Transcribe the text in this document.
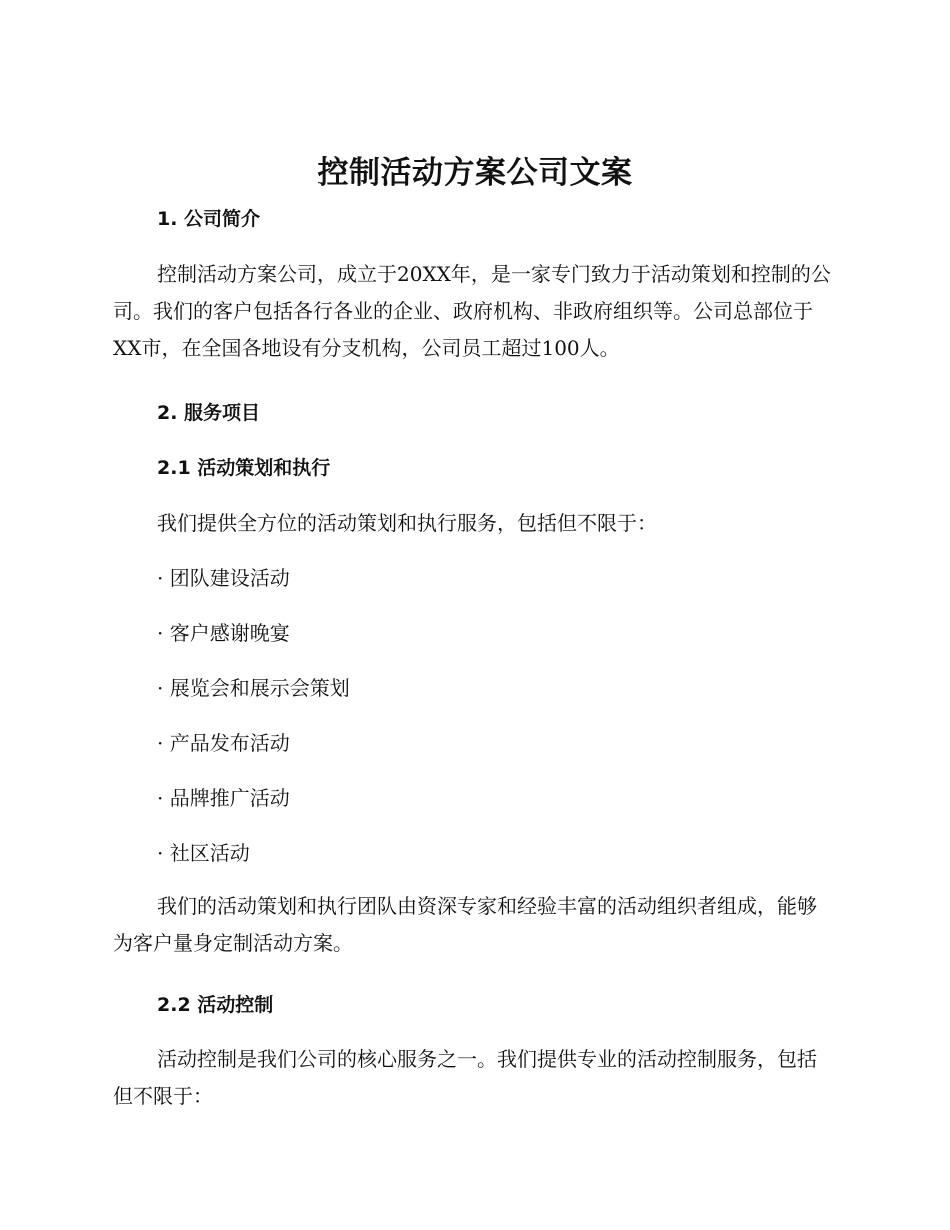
控制活动方案公司文案
1. 公司简介

控制活动方案公司，成立于20XX年，是一家专门致力于活动策划和控制的公司。我们的客户包括各行各业的企业、政府机构、非政府组织等。公司总部位于XX市，在全国各地设有分支机构，公司员工超过100人。

2. 服务项目
2.1 活动策划和执行
我们提供全方位的活动策划和执行服务，包括但不限于：
· 团队建设活动
· 客户感谢晚宴
· 展览会和展示会策划
· 产品发布活动
· 品牌推广活动
· 社区活动

我们的活动策划和执行团队由资深专家和经验丰富的活动组织者组成，能够为客户量身定制活动方案。

2.2 活动控制

活动控制是我们公司的核心服务之一。我们提供专业的活动控制服务，包括但不限于：
